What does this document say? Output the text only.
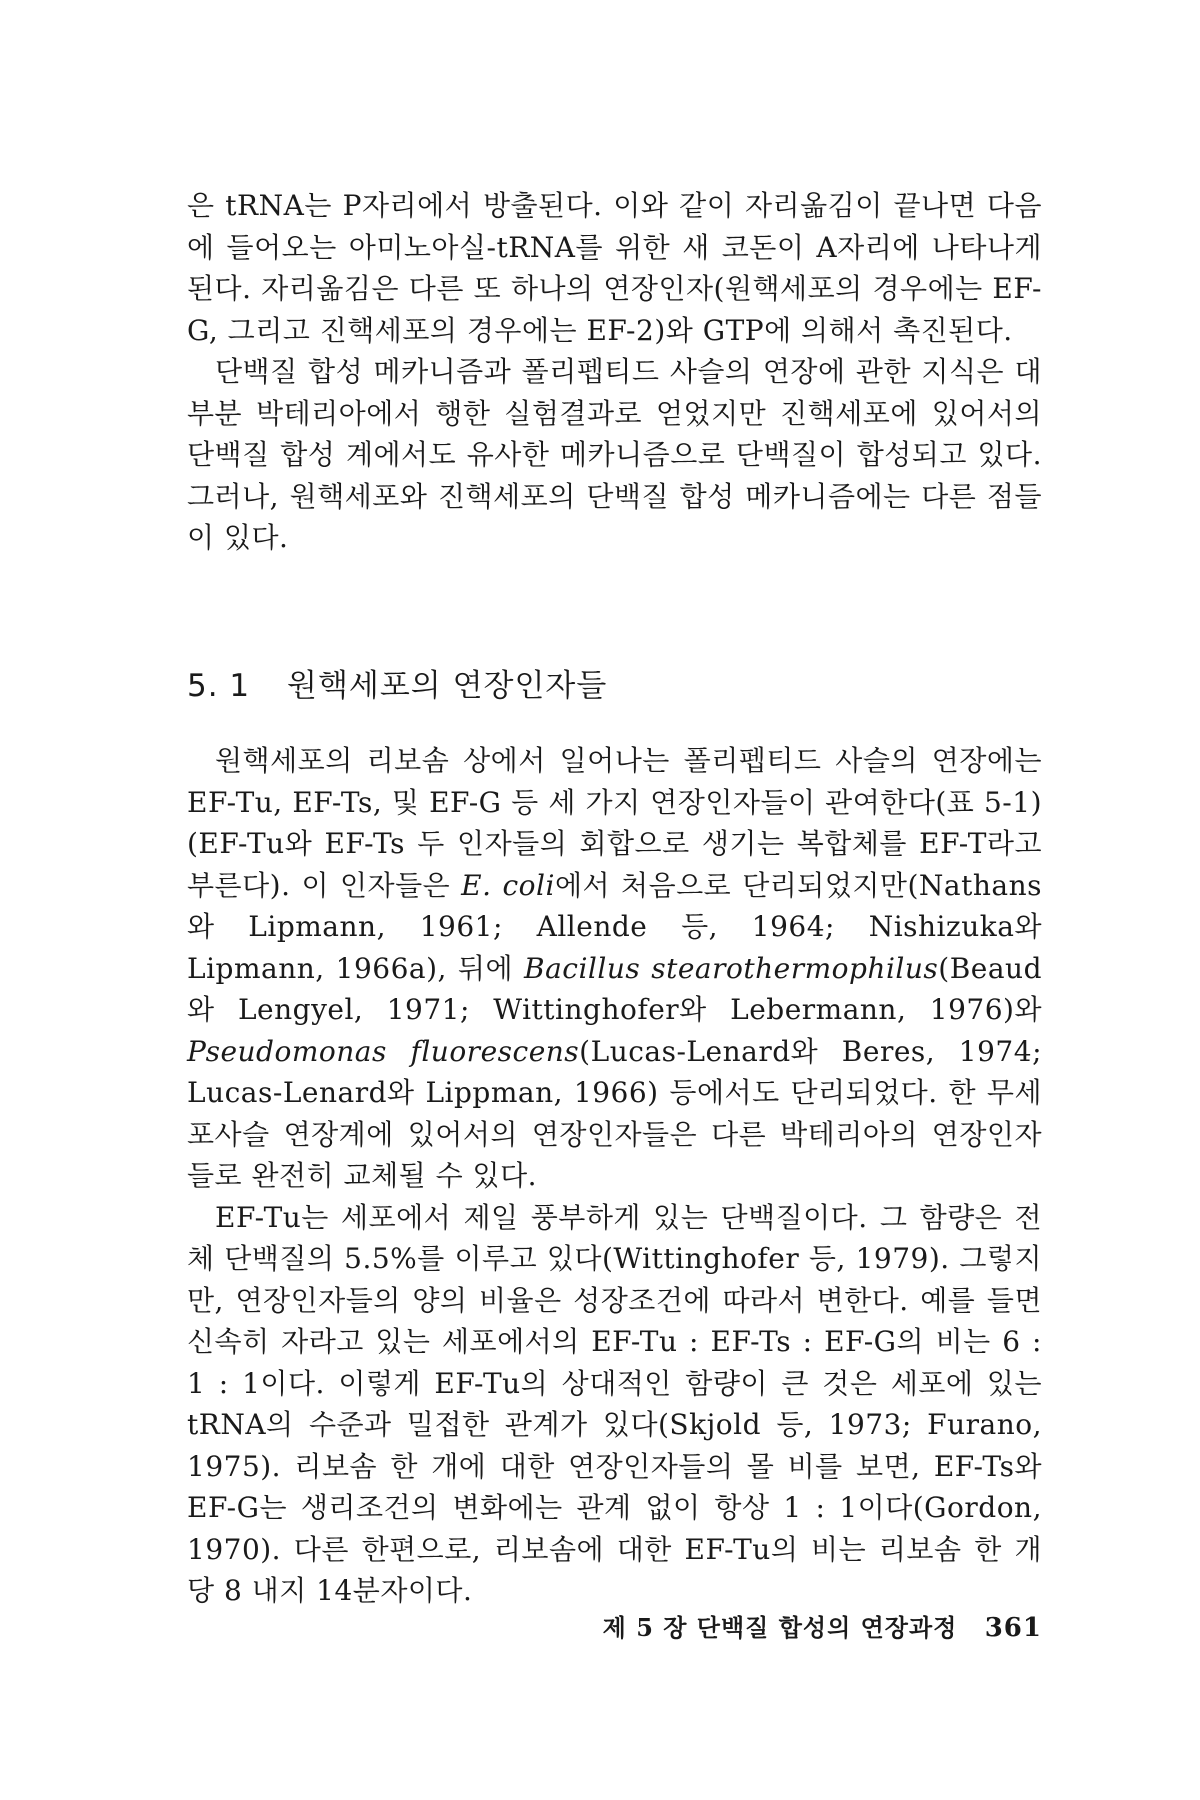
은 tRNA는 P자리에서 방출된다. 이와 같이 자리옮김이 끝나면 다음에 들어오는 아미노아실-tRNA를 위한 새 코돈이 A자리에 나타나게 된다. 자리옮김은 다른 또 하나의 연장인자(원핵세포의 경우에는 EF-G, 그리고 진핵세포의 경우에는 EF-2)와 GTP에 의해서 촉진된다.

단백질 합성 메카니즘과 폴리펩티드 사슬의 연장에 관한 지식은 대부분 박테리아에서 행한 실험결과로 얻었지만 진핵세포에 있어서의 단백질 합성 계에서도 유사한 메카니즘으로 단백질이 합성되고 있다. 그러나, 원핵세포와 진핵세포의 단백질 합성 메카니즘에는 다른 점들이 있다.

5. 1 원핵세포의 연장인자들

원핵세포의 리보솜 상에서 일어나는 폴리펩티드 사슬의 연장에는 EF-Tu, EF-Ts, 및 EF-G 등 세 가지 연장인자들이 관여한다(표 5-1) (EF-Tu와 EF-Ts 두 인자들의 회합으로 생기는 복합체를 EF-T라고 부른다). 이 인자들은 E. coli에서 처음으로 단리되었지만(Nathans와 Lipmann, 1961; Allende 등, 1964; Nishizuka와 Lipmann, 1966a), 뒤에 Bacillus stearothermophilus(Beaud와 Lengyel, 1971; Wittinghofer와 Lebermann, 1976)와 Pseudomonas fluorescens(Lucas-Lenard와 Beres, 1974; Lucas-Lenard와 Lippman, 1966) 등에서도 단리되었다. 한 무세포사슬 연장계에 있어서의 연장인자들은 다른 박테리아의 연장인자들로 완전히 교체될 수 있다.

EF-Tu는 세포에서 제일 풍부하게 있는 단백질이다. 그 함량은 전체 단백질의 5.5%를 이루고 있다(Wittinghofer 등, 1979). 그렇지만, 연장인자들의 양의 비율은 성장조건에 따라서 변한다. 예를 들면 신속히 자라고 있는 세포에서의 EF-Tu : EF-Ts : EF-G의 비는 6 : 1 : 1이다. 이렇게 EF-Tu의 상대적인 함량이 큰 것은 세포에 있는 tRNA의 수준과 밀접한 관계가 있다(Skjold 등, 1973; Furano, 1975). 리보솜 한 개에 대한 연장인자들의 몰 비를 보면, EF-Ts와 EF-G는 생리조건의 변화에는 관계 없이 항상 1 : 1이다(Gordon, 1970). 다른 한편으로, 리보솜에 대한 EF-Tu의 비는 리보솜 한 개 당 8 내지 14분자이다.

제 5 장 단백질 합성의 연장과정 361
